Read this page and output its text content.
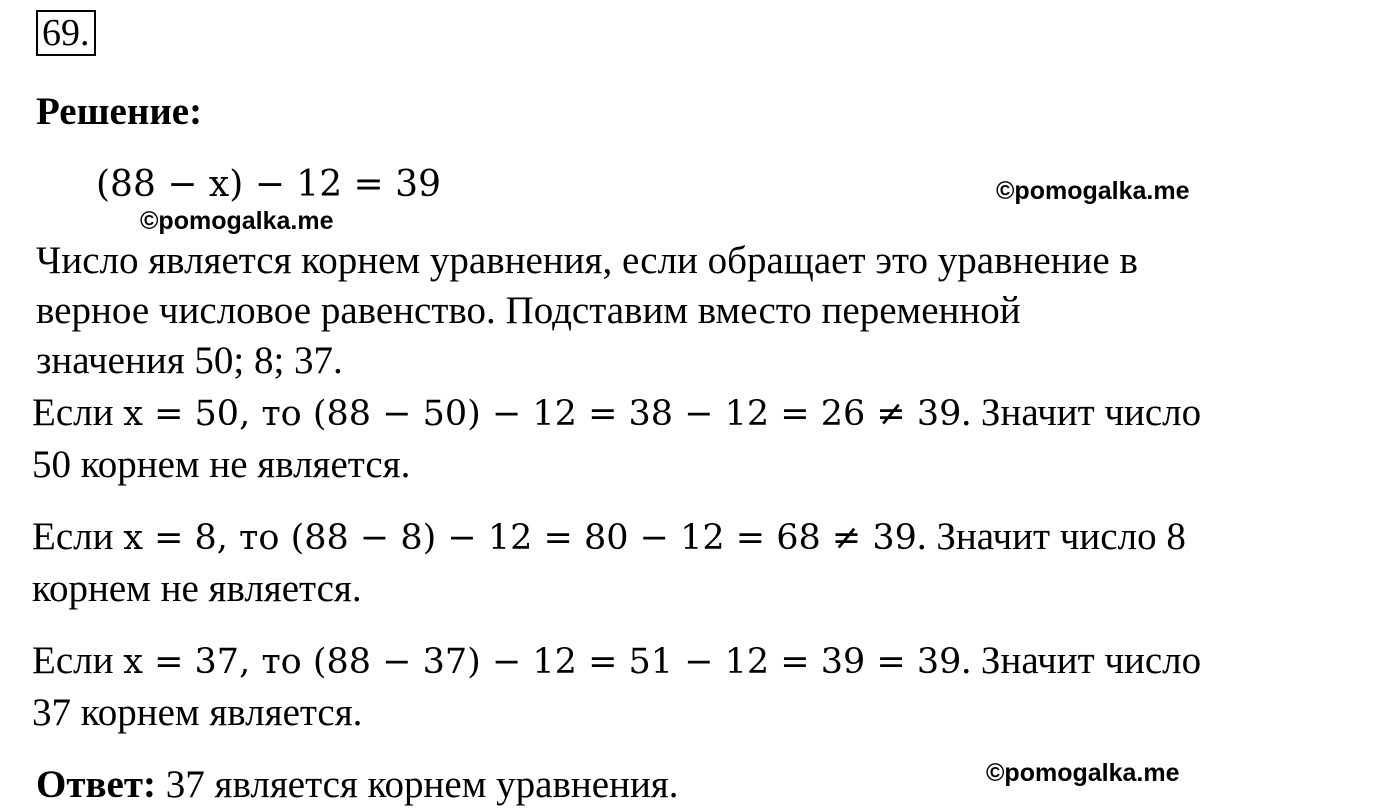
69.
Решение:
(88 − x) − 12 = 39	©pomogalka.me
©pomogalka.me
Число является корнем уравнения, если обращает это уравнение в
верное числовое равенство. Подставим вместо переменной
значения 50; 8; 37.
Если x = 50, то (88 − 50) − 12 = 38 − 12 = 26 ≠ 39. Значит число
50 корнем не является.
Если x = 8, то (88 − 8) − 12 = 80 − 12 = 68 ≠ 39. Значит число 8
корнем не является.
Если x = 37, то (88 − 37) − 12 = 51 − 12 = 39 = 39. Значит число
37 корнем является.
Ответ: 37 является корнем уравнения.	©pomogalka.me
